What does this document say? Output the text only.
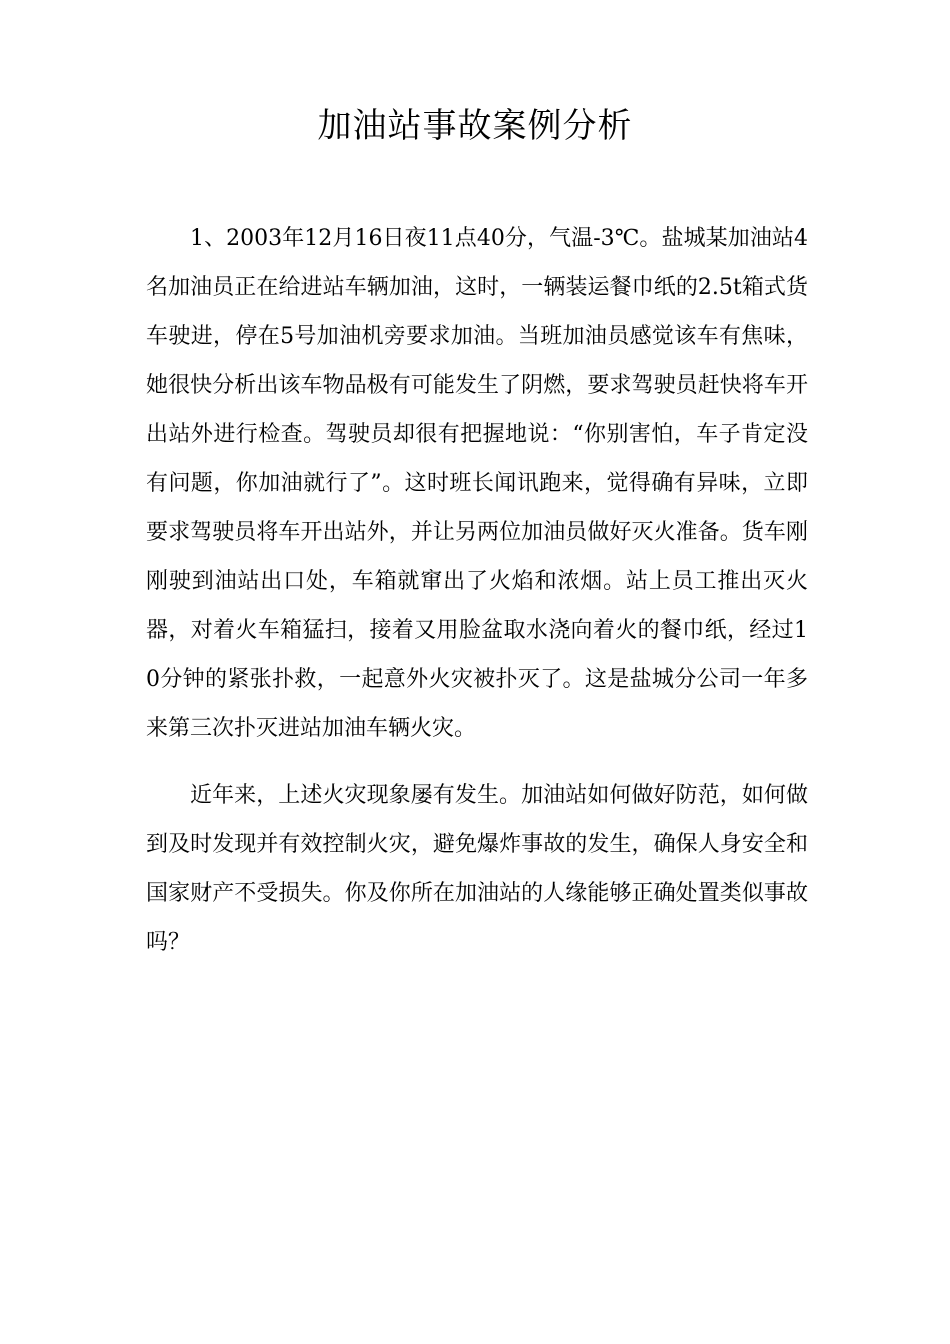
加油站事故案例分析

1、2003年12月16日夜11点40分，气温-3℃。盐城某加油站4名加油员正在给进站车辆加油，这时，一辆装运餐巾纸的2.5t箱式货车驶进，停在5号加油机旁要求加油。当班加油员感觉该车有焦味，她很快分析出该车物品极有可能发生了阴燃，要求驾驶员赶快将车开出站外进行检查。驾驶员却很有把握地说：“你别害怕，车子肯定没有问题，你加油就行了”。这时班长闻讯跑来，觉得确有异味，立即要求驾驶员将车开出站外，并让另两位加油员做好灭火准备。货车刚刚驶到油站出口处，车箱就窜出了火焰和浓烟。站上员工推出灭火器，对着火车箱猛扫，接着又用脸盆取水浇向着火的餐巾纸，经过10分钟的紧张扑救，一起意外火灾被扑灭了。这是盐城分公司一年多来第三次扑灭进站加油车辆火灾。

近年来，上述火灾现象屡有发生。加油站如何做好防范，如何做到及时发现并有效控制火灾，避免爆炸事故的发生，确保人身安全和国家财产不受损失。你及你所在加油站的人缘能够正确处置类似事故吗？
